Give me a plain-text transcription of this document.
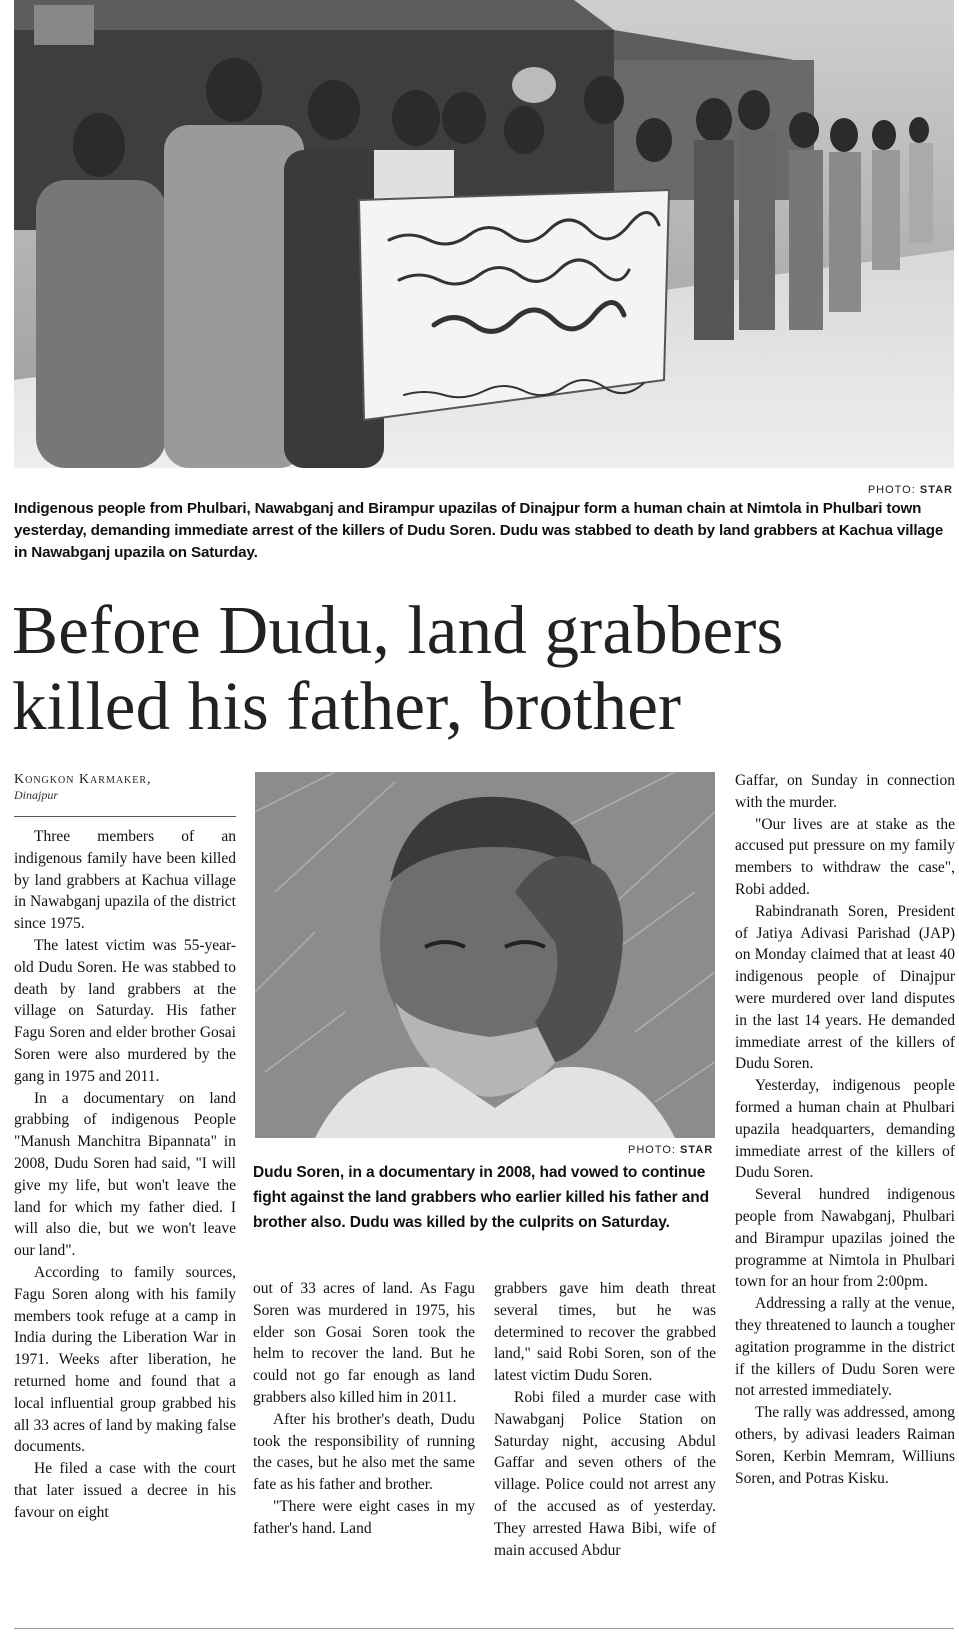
PHOTO: STAR
Indigenous people from Phulbari, Nawabganj and Birampur upazilas of Dinajpur form a human chain at Nimtola in Phulbari town yesterday, demanding immediate arrest of the killers of Dudu Soren. Dudu was stabbed to death by land grabbers at Kachua village in Nawabganj upazila on Saturday.
Before Dudu, land grabbers killed his father, brother
Kongkon Karmaker,
Dinajpur

Three members of an indigenous family have been killed by land grabbers at Kachua village in Nawabganj upazila of the district since 1975.

The latest victim was 55-year-old Dudu Soren. He was stabbed to death by land grabbers at the village on Saturday. His father Fagu Soren and elder brother Gosai Soren were also murdered by the gang in 1975 and 2011.

In a documentary on land grabbing of indigenous People "Manush Manchitra Bipannata" in 2008, Dudu Soren had said, "I will give my life, but won't leave the land for which my father died. I will also die, but we won't leave our land".

According to family sources, Fagu Soren along with his family members took refuge at a camp in India during the Liberation War in 1971. Weeks after liberation, he returned home and found that a local influential group grabbed his all 33 acres of land by making false documents.

He filed a case with the court that later issued a decree in his favour on eight

PHOTO: STAR
Dudu Soren, in a documentary in 2008, had vowed to continue fight against the land grabbers who earlier killed his father and brother also. Dudu was killed by the culprits on Saturday.

out of 33 acres of land. As Fagu Soren was murdered in 1975, his elder son Gosai Soren took the helm to recover the land. But he could not go far enough as land grabbers also killed him in 2011.

After his brother's death, Dudu took the responsibility of running the cases, but he also met the same fate as his father and brother.

"There were eight cases in my father's hand. Land

grabbers gave him death threat several times, but he was determined to recover the grabbed land," said Robi Soren, son of the latest victim Dudu Soren.

Robi filed a murder case with Nawabganj Police Station on Saturday night, accusing Abdul Gaffar and seven others of the village. Police could not arrest any of the accused as of yesterday. They arrested Hawa Bibi, wife of main accused Abdur

Gaffar, on Sunday in connection with the murder.

"Our lives are at stake as the accused put pressure on my family members to withdraw the case", Robi added.

Rabindranath Soren, President of Jatiya Adivasi Parishad (JAP) on Monday claimed that at least 40 indigenous people of Dinajpur were murdered over land disputes in the last 14 years. He demanded immediate arrest of the killers of Dudu Soren.

Yesterday, indigenous people formed a human chain at Phulbari upazila headquarters, demanding immediate arrest of the killers of Dudu Soren.

Several hundred indigenous people from Nawabganj, Phulbari and Birampur upazilas joined the programme at Nimtola in Phulbari town for an hour from 2:00pm.

Addressing a rally at the venue, they threatened to launch a tougher agitation programme in the district if the killers of Dudu Soren were not arrested immediately.

The rally was addressed, among others, by adivasi leaders Raiman Soren, Kerbin Memram, Williuns Soren, and Potras Kisku.
